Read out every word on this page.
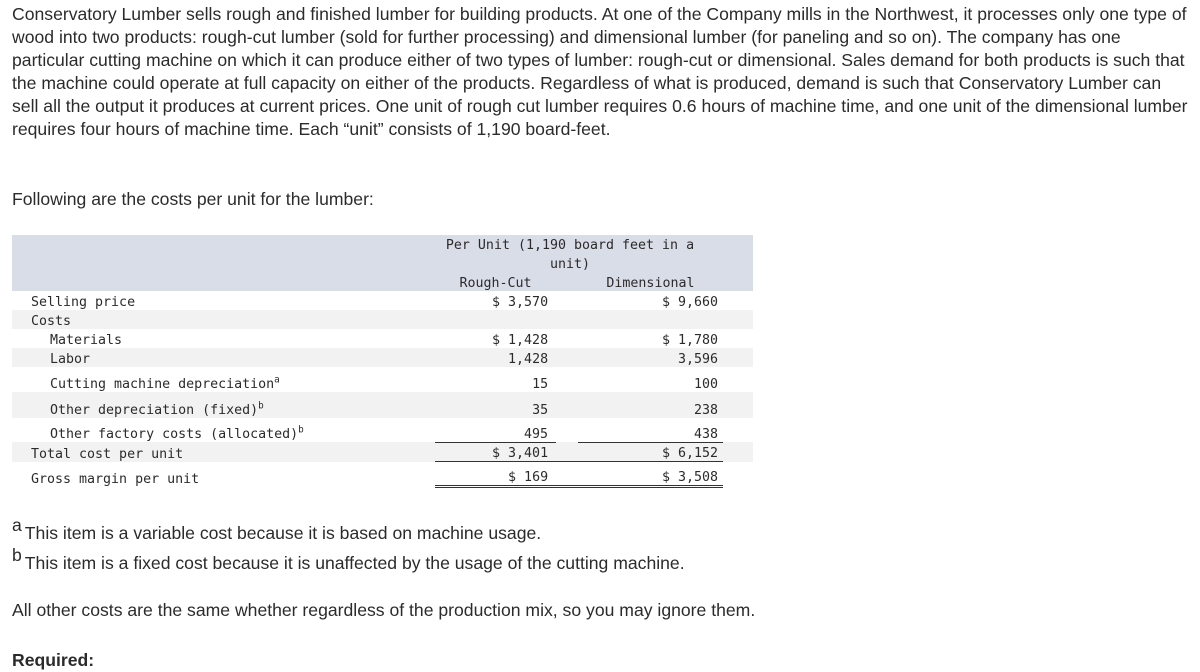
Conservatory Lumber sells rough and finished lumber for building products. At one of the Company mills in the Northwest, it processes only one type of wood into two products: rough-cut lumber (sold for further processing) and dimensional lumber (for paneling and so on). The company has one particular cutting machine on which it can produce either of two types of lumber: rough-cut or dimensional. Sales demand for both products is such that the machine could operate at full capacity on either of the products. Regardless of what is produced, demand is such that Conservatory Lumber can sell all the output it produces at current prices. One unit of rough cut lumber requires 0.6 hours of machine time, and one unit of the dimensional lumber requires four hours of machine time. Each “unit” consists of 1,190 board-feet.

Following are the costs per unit for the lumber:

	Per Unit (1,190 board feet in a unit)			

	Rough-Cut		Dimensional	
Selling price	$ 3,570		$ 9,660	
Costs				
Materials	$ 1,428		$ 1,780	
Labor	1,428		3,596	
Cutting machine depreciation$^a$	15		100	
Other depreciation (fixed)$^b$	35		238	
Other factory costs (allocated)$^b$	495		438	
Total cost per unit	$ 3,401		$ 6,152	
Gross margin per unit	$ 169		$ 3,508	

a This item is a variable cost because it is based on machine usage.

b This item is a fixed cost because it is unaffected by the usage of the cutting machine.

All other costs are the same whether regardless of the production mix, so you may ignore them.

Required:
